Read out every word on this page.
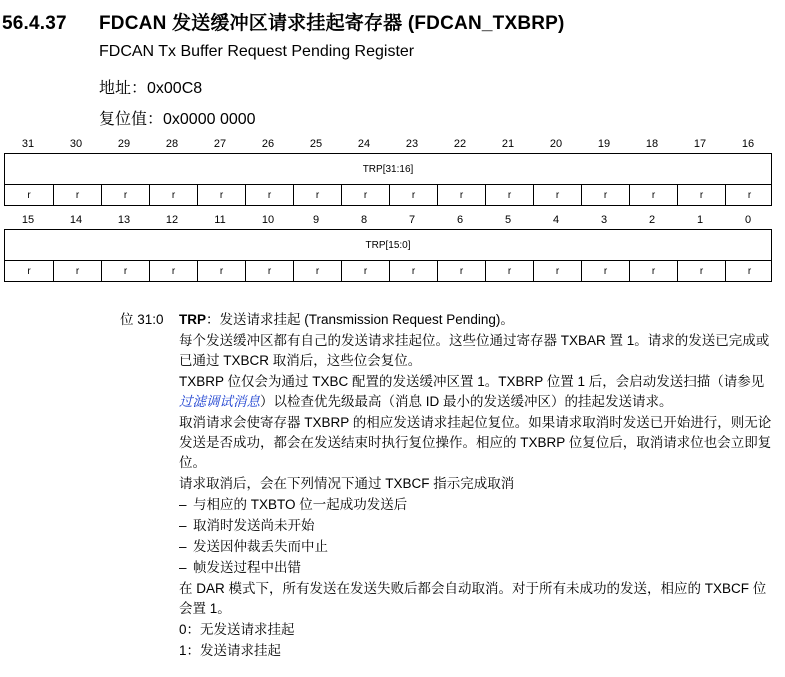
56.4.37 FDCAN 发送缓冲区请求挂起寄存器 (FDCAN_TXBRP)
FDCAN Tx Buffer Request Pending Register
地址：0x00C8
复位值：0x0000 0000
31	30	29	28	27	26	25	24	23	22	21	20	19	18	17	16
TRP[31:16]
r	r	r	r	r	r	r	r	r	r	r	r	r	r	r	r
15	14	13	12	11	10	9	8	7	6	5	4	3	2	1	0
TRP[15:0]
r	r	r	r	r	r	r	r	r	r	r	r	r	r	r	r
位 31:0 TRP：发送请求挂起 (Transmission Request Pending)。

每个发送缓冲区都有自己的发送请求挂起位。这些位通过寄存器 TXBAR 置 1。请求的发送已完成或已通过 TXBCR 取消后，这些位会复位。

TXBRP 位仅会为通过 TXBC 配置的发送缓冲区置 1。TXBRP 位置 1 后，会启动发送扫描（请参见过滤调试消息）以检查优先级最高（消息 ID 最小的发送缓冲区）的挂起发送请求。

取消请求会使寄存器 TXBRP 的相应发送请求挂起位复位。如果请求取消时发送已开始进行，则无论发送是否成功，都会在发送结束时执行复位操作。相应的 TXBRP 位复位后，取消请求位也会立即复位。

请求取消后，会在下列情况下通过 TXBCF 指示完成取消

– 与相应的 TXBTO 位一起成功发送后

– 取消时发送尚未开始

– 发送因仲裁丢失而中止

– 帧发送过程中出错

在 DAR 模式下，所有发送在发送失败后都会自动取消。对于所有未成功的发送，相应的 TXBCF 位会置 1。

0：无发送请求挂起

1：发送请求挂起
